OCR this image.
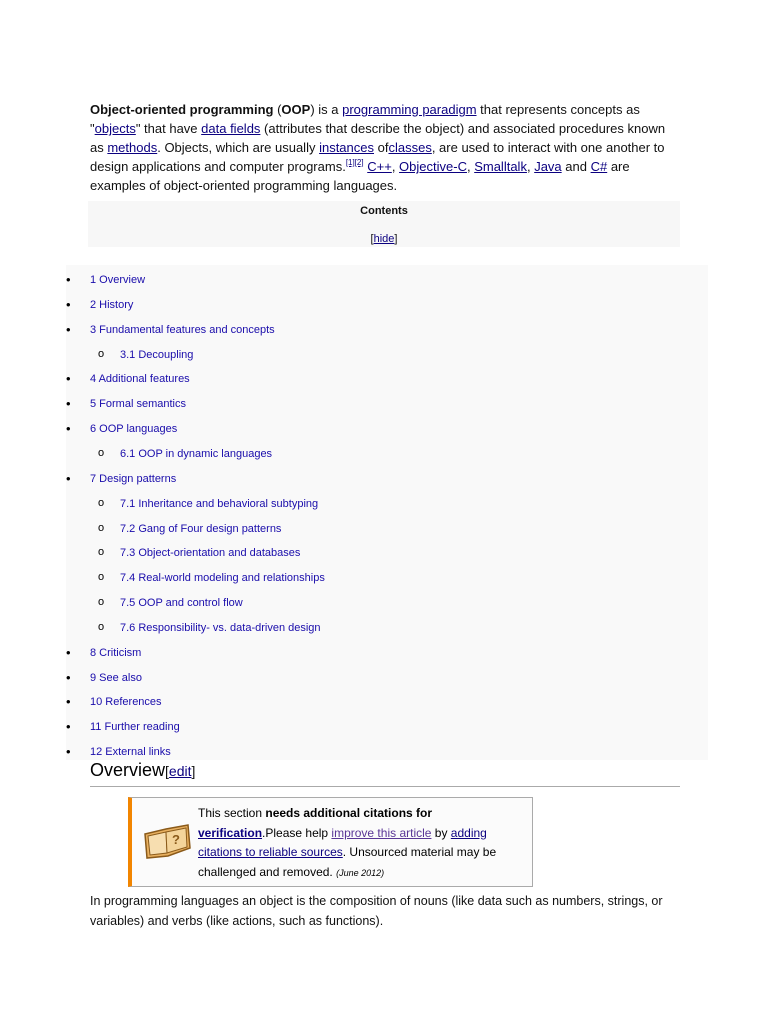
Object-oriented programming (OOP) is a programming paradigm that represents concepts as "objects" that have data fields (attributes that describe the object) and associated procedures known as methods. Objects, which are usually instances ofclasses, are used to interact with one another to design applications and computer programs.[1][2] C++, Objective-C, Smalltalk, Java and C# are examples of object-oriented programming languages.
Contents
[hide]
• 1 Overview
• 2 History
• 3 Fundamental features and concepts
o 3.1 Decoupling
• 4 Additional features
• 5 Formal semantics
• 6 OOP languages
o 6.1 OOP in dynamic languages
• 7 Design patterns
o 7.1 Inheritance and behavioral subtyping
o 7.2 Gang of Four design patterns
o 7.3 Object-orientation and databases
o 7.4 Real-world modeling and relationships
o 7.5 OOP and control flow
o 7.6 Responsibility- vs. data-driven design
• 8 Criticism
• 9 See also
• 10 References
• 11 Further reading
• 12 External links
Overview[edit]
?
This section needs additional citations for verification.Please help improve this article by adding citations to reliable sources. Unsourced material may be challenged and removed. (June 2012)
In programming languages an object is the composition of nouns (like data such as numbers, strings, or variables) and verbs (like actions, such as functions).
